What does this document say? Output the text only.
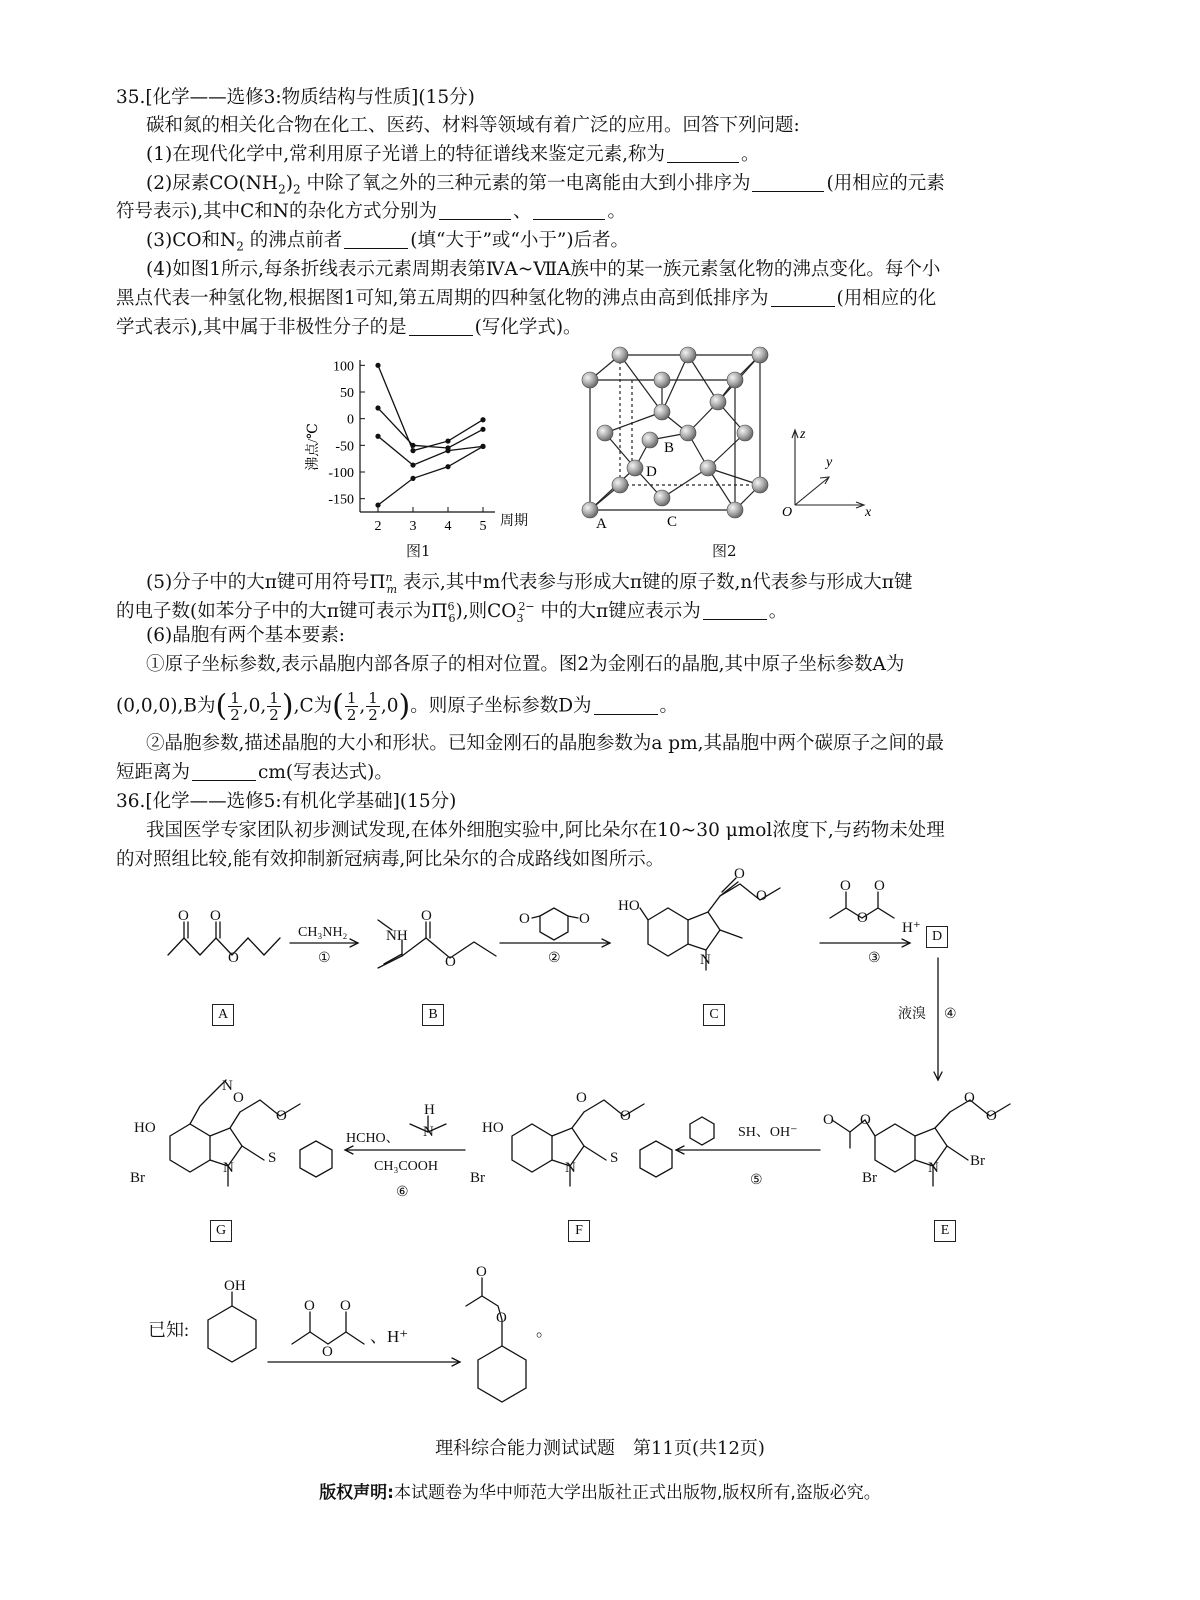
35.[化学——选修3:物质结构与性质](15分)
碳和氮的相关化合物在化工、医药、材料等领域有着广泛的应用。回答下列问题:
(1)在现代化学中,常利用原子光谱上的特征谱线来鉴定元素,称为	。
(2)尿素$CO(NH_2)_2$ 中除了氧之外的三种元素的第一电离能由大到小排序为	(用相应的元素
符号表示),其中C和N的杂化方式分别为	、	。
(3)CO和$N_2$ 的沸点前者	(填“大于”或“小于”)后者。
(4)如图1所示,每条折线表示元素周期表第ⅣA~ⅦA族中的某一族元素氢化物的沸点变化。每个小
黑点代表一种氢化物,根据图1可知,第五周期的四种氢化物的沸点由高到低排序为	(用相应的化
学式表示),其中属于非极性分子的是	(写化学式)。
100
50
0
-50
-100
-150
2 3 4 5
沸点/℃
周期
图1
B
D
A	C
O	x
y
z
图2
(5)分子中的大π键可用符号$\Pi^n_m$ 表示,其中m代表参与形成大π键的原子数,n代表参与形成大π键
的电子数(如苯分子中的大π键可表示为$\Pi^6_6$),则$CO_3^{2-}$ 中的大π键应表示为	。
(6)晶胞有两个基本要素:
①原子坐标参数,表示晶胞内部各原子的相对位置。图2为金刚石的晶胞,其中原子坐标参数A为
(0,0,0),B为( $\frac{1}{2} ,0$, $\frac{1}{2} ),C$为( $\frac{1}{2}$ , $\frac{1}{2} ,0$)。则原子坐标参数D为	。
②晶胞参数,描述晶胞的大小和形状。已知金刚石的晶胞参数为a pm,其晶胞中两个碳原子之间的最
短距离为	cm(写表达式)。
36.[化学——选修5:有机化学基础](15分)
我国医学专家团队初步测试发现,在体外细胞实验中,阿比朵尔在10~30 μmol浓度下,与药物未处理
的对照组比较,能有效抑制新冠病毒,阿比朵尔的合成路线如图所示。
O O
O
NH
O
O
O	O
HO
O
O
N
O
O
O
H⁺
O O
Br
N
O
O
Br
HO
Br
N
O
O
S
H
N
HO
Br
N
N
O
O
S
OH
O
O
O
O
O
CH₃NH₂
①	②	③
液溴 ④
SH、OH⁻
⑤
HCHO、
CH₃COOH
⑥
已知:	、H⁺	。
A	B	C
D
E
F
G
理科综合能力测试试题　第11页(共12页)
版权声明:本试题卷为华中师范大学出版社正式出版物,版权所有,盗版必究。
